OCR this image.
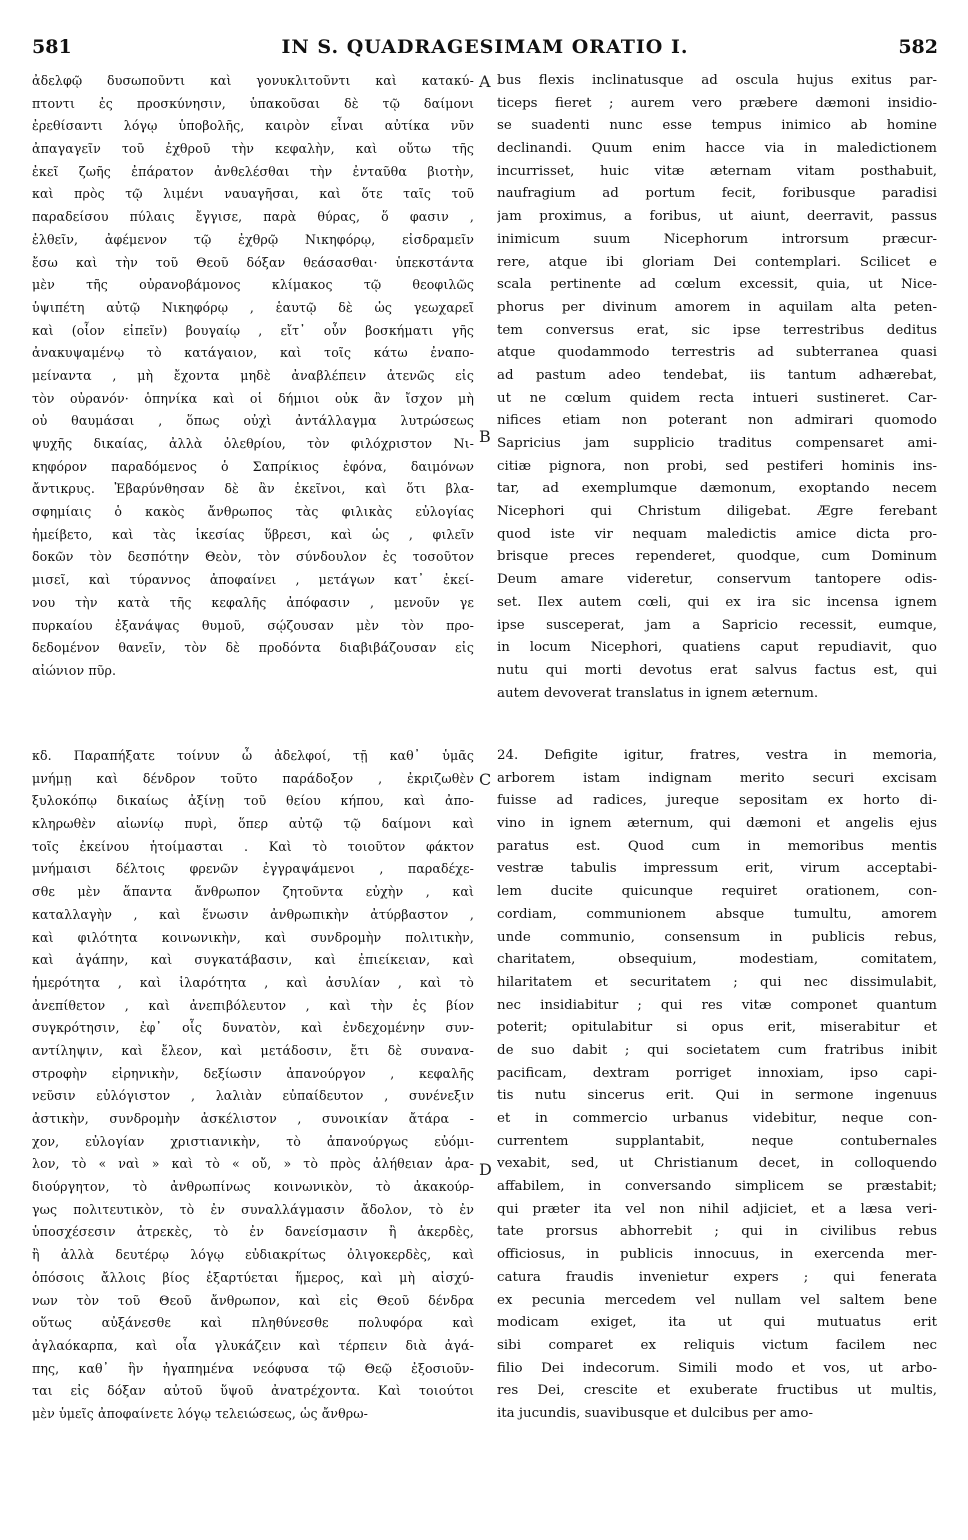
581	IN S. QUADRAGESIMAM ORATIO I.	582
ἀδελφῷ δυσωποῦντι καὶ γονυκλιτοῦντι καὶ κατακύ-
πτοντι ἐς προσκύνησιν, ὑπακοῦσαι δὲ τῷ δαίμονι
ἐρεθίσαντι λόγῳ ὑποβολῆς, καιρὸν εἶναι αὐτίκα νῦν
ἀπαγαγεῖν τοῦ ἐχθροῦ τὴν κεφαλὴν, καὶ οὕτω τῆς
ἐκεῖ ζωῆς ἐπάρατον ἀνθελέσθαι τὴν ἐνταῦθα βιοτὴν,
καὶ πρὸς τῷ λιμένι ναυαγῆσαι, καὶ ὅτε ταῖς τοῦ
παραδείσου πύλαις ἔγγισε, παρὰ θύρας, ὅ φασιν ,
ἐλθεῖν, ἀφέμενον τῷ ἐχθρῷ Νικηφόρῳ, εἰσδραμεῖν
ἔσω καὶ τὴν τοῦ Θεοῦ δόξαν θεάσασθαι· ὑπεκστάντα
μὲν τῆς οὐρανοβάμονος κλίμακος τῷ θεοφιλῶς
ὑψιπέτη αὐτῷ Νικηφόρῳ , ἑαυτῷ δὲ ὡς γεωχαρεῖ
καὶ (οἷον εἰπεῖν) βουγαίῳ , εἴτ᾽ οὖν βοσκήματι γῆς
ἀνακυψαμένῳ τὸ κατάγαιον, καὶ τοῖς κάτω ἐναπο-
μείναντα , μὴ ἔχοντα μηδὲ ἀναβλέπειν ἀτενῶς εἰς
τὸν οὐρανόν· ὁπηνίκα καὶ οἱ δήμιοι οὐκ ἂν ἴσχον μὴ
οὐ θαυμάσαι , ὅπως οὐχὶ ἀντάλλαγμα λυτρώσεως
ψυχῆς δικαίας, ἀλλὰ ὀλεθρίου, τὸν φιλόχριστον Νι-
κηφόρον παραδόμενος ὁ Σαπρίκιος ἐφόνα, δαιμόνων
ἄντικρυς. Ἐβαρύνθησαν δὲ ἂν ἐκεῖνοι, καὶ ὅτι βλα-
σφημίαις ὁ κακὸς ἄνθρωπος τὰς φιλικὰς εὐλογίας
ἠμείβετο, καὶ τὰς ἱκεσίας ὕβρεσι, καὶ ὡς , φιλεῖν
δοκῶν τὸν δεσπότην Θεὸν, τὸν σύνδουλον ἐς τοσοῦτον
μισεῖ, καὶ τύραννος ἀποφαίνει , μετάγων κατ᾽ ἐκεί-
νου τὴν κατὰ τῆς κεφαλῆς ἀπόφασιν , μενοῦν γε
πυρκαίου ἐξανάψας θυμοῦ, σῴζουσαν μὲν τὸν προ-
δεδομένον θανεῖν, τὸν δὲ προδόντα διαβιβάζουσαν εἰς
αἰώνιον πῦρ.
bus flexis inclinatusque ad oscula hujus exitus par-
ticeps fieret ; aurem vero præbere dæmoni insidio-
se suadenti nunc esse tempus inimico ab homine
declinandi. Quum enim hacce via in maledictionem
incurrisset, huic vitæ æternam vitam posthabuit,
naufragium ad portum fecit, foribusque paradisi
jam proximus, a foribus, ut aiunt, deerravit, passus
inimicum suum Nicephorum introrsum præcur-
rere, atque ibi gloriam Dei contemplari. Scilicet e
scala pertinente ad cœlum excessit, quia, ut Nice-
phorus per divinum amorem in aquilam alta peten-
tem conversus erat, sic ipse terrestribus deditus
atque quodammodo terrestris ad subterranea quasi
ad pastum adeo tendebat, iis tantum adhærebat,
ut ne cœlum quidem recta intueri sustineret. Car-
nifices etiam non poterant non admirari quomodo
Sapricius jam supplicio traditus compensaret ami-
citiæ pignora, non probi, sed pestiferi hominis ins-
tar, ad exemplumque dæmonum, exoptando necem
Nicephori qui Christum diligebat. Ægre ferebant
quod iste vir nequam maledictis amice dicta pro-
brisque preces rependeret, quodque, cum Dominum
Deum amare videretur, conservum tantopere odis-
set. Ilex autem cœli, qui ex ira sic incensa ignem
ipse susceperat, jam a Sapricio recessit, eumque,
in locum Nicephori, quatiens caput repudiavit, quo
nutu qui morti devotus erat salvus factus est, qui
autem devoverat translatus in ignem æternum.
κδ. Παραπήξατε τοίνυν ὦ ἀδελφοί, τῇ καθ᾽ ὑμᾶς
μνήμῃ καὶ δένδρον τοῦτο παράδοξον , ἐκριζωθὲν
ξυλοκόπῳ δικαίως ἀξίνῃ τοῦ θείου κήπου, καὶ ἀπο-
κληρωθὲν αἰωνίῳ πυρὶ, ὅπερ αὐτῷ τῷ δαίμονι καὶ
τοῖς ἐκείνου ἡτοίμασται . Καὶ τὸ τοιοῦτον φάκτον
μνήμαισι δέλτοις φρενῶν ἐγγραψάμενοι , παραδέχε-
σθε μὲν ἅπαντα ἄνθρωπον ζητοῦντα εὐχὴν , καὶ
καταλλαγὴν , καὶ ἕνωσιν ἀνθρωπικὴν ἀτύρβαστον ,
καὶ φιλότητα κοινωνικὴν, καὶ συνδρομὴν πολιτικὴν,
καὶ ἀγάπην, καὶ συγκατάβασιν, καὶ ἐπιείκειαν, καὶ
ἡμερότητα , καὶ ἱλαρότητα , καὶ ἀσυλίαν , καὶ τὸ
ἀνεπίθετον , καὶ ἀνεπιβόλευτον , καὶ τὴν ἐς βίον
συγκρότησιν, ἐφ᾽ οἷς δυνατὸν, καὶ ἐνδεχομένην συν-
αντίληψιν, καὶ ἔλεον, καὶ μετάδοσιν, ἔτι δὲ συνανα-
στροφὴν εἰρηνικὴν, δεξίωσιν ἀπανούργον , κεφαλῆς
νεῦσιν εὐλόγιστον , λαλιὰν εὐπαίδευτον , συνένεξιν
ἀστικὴν, συνδρομὴν ἀσκέλιστον , συνοικίαν ἄτάρα -
χον, εὐλογίαν χριστιανικὴν, τὸ ἀπανούργως εὐόμι-
λον, τὸ « ναὶ » καὶ τὸ « οὔ, » τὸ πρὸς ἀλήθειαν ἀρα-
διούργητον, τὸ ἀνθρωπίνως κοινωνικὸν, τὸ ἀκακούρ-
γως πολιτευτικὸν, τὸ ἐν συναλλάγμασιν ἄδολον, τὸ ἐν
ὑποσχέσεσιν ἀτρεκὲς, τὸ ἐν δανείσμασιν ἢ ἀκερδὲς,
ἢ ἀλλὰ δευτέρῳ λόγῳ εὐδιακρίτως ὀλιγοκερδὲς, καὶ
ὁπόσοις ἄλλοις βίος ἐξαρτύεται ἥμερος, καὶ μὴ αἰσχύ-
νων τὸν τοῦ Θεοῦ ἄνθρωπον, καὶ εἰς Θεοῦ δένδρα
οὕτως αὐξάνεσθε καὶ πληθύνεσθε πολυφόρα καὶ
ἀγλαόκαρπα, καὶ οἷα γλυκάζειν καὶ τέρπειν διὰ ἀγά-
πης, καθ᾽ ἣν ἠγαπημένα νεόφυσα τῷ Θεῷ ἐξοσιοῦν-
ται εἰς δόξαν αὐτοῦ ὕψοῦ ἀνατρέχοντα. Καὶ τοιούτοι
μὲν ὑμεῖς ἀποφαίνετε λόγῳ τελειώσεως, ὡς ἄνθρω-
24. Defigite igitur, fratres, vestra in memoria,
arborem istam indignam merito securi excisam
fuisse ad radices, jureque sepositam ex horto di-
vino in ignem æternum, qui dæmoni et angelis ejus
paratus est. Quod cum in memoribus mentis
vestræ tabulis impressum erit, virum acceptabi-
lem ducite quicunque requiret orationem, con-
cordiam, communionem absque tumultu, amorem
unde communio, consensum in publicis rebus,
charitatem, obsequium, modestiam, comitatem,
hilaritatem et securitatem ; qui nec dissimulabit,
nec insidiabitur ; qui res vitæ componet quantum
poterit; opitulabitur si opus erit, miserabitur et
de suo dabit ; qui societatem cum fratribus inibit
pacificam, dextram porriget innoxiam, ipso capi-
tis nutu sincerus erit. Qui in sermone ingenuus
et in commercio urbanus videbitur, neque con-
currentem supplantabit, neque contubernales
vexabit, sed, ut Christianum decet, in colloquendo
affabilem, in conversando simplicem se præstabit;
qui præter ita vel non nihil adjiciet, et a læsa veri-
tate prorsus abhorrebit ; qui in civilibus rebus
officiosus, in publicis innocuus, in exercenda mer-
catura fraudis invenietur expers ; qui fenerata
ex pecunia mercedem vel nullam vel saltem bene
modicam exiget, ita ut qui mutuatus erit
sibi comparet ex reliquis victum facilem nec
filio Dei indecorum. Simili modo et vos, ut arbo-
res Dei, crescite et exuberate fructibus ut multis,
ita jucundis, suavibusque et dulcibus per amo-
A
B
C
D
